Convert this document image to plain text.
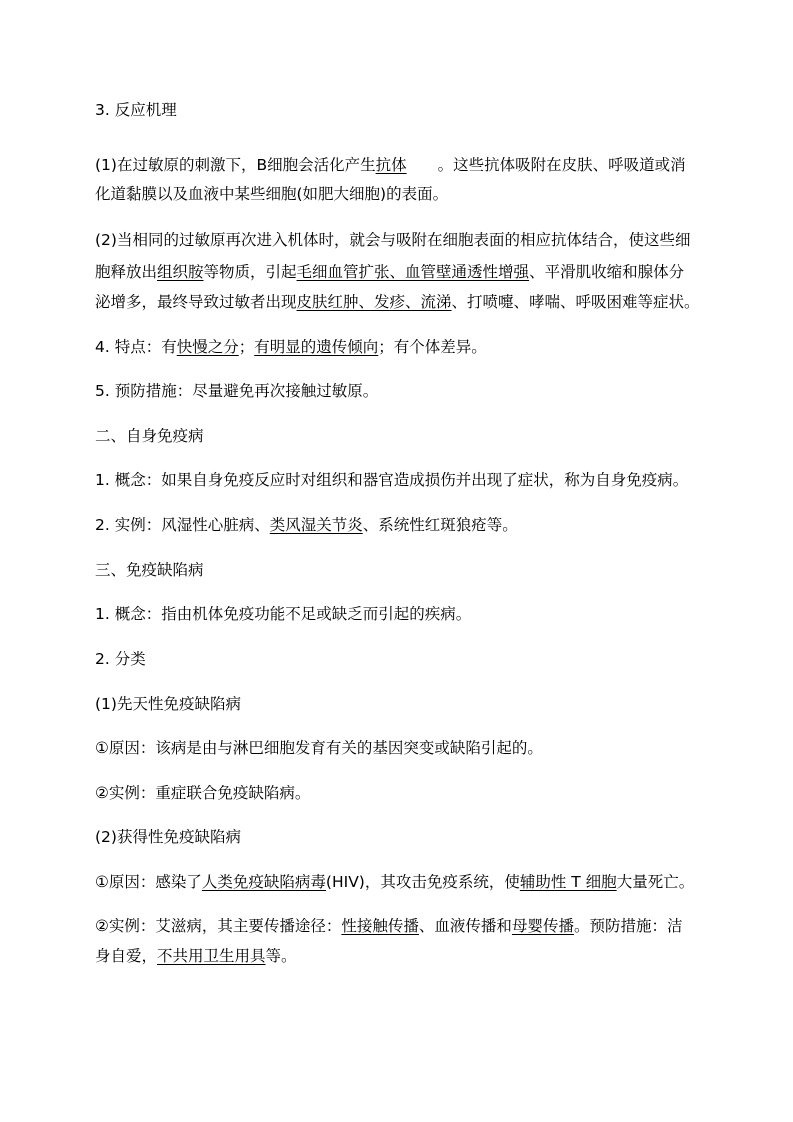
3. 反应机理
(1)在过敏原的刺激下，B细胞会活化产生抗体　　。这些抗体吸附在皮肤、呼吸道或消
化道黏膜以及血液中某些细胞(如肥大细胞)的表面。
(2)当相同的过敏原再次进入机体时，就会与吸附在细胞表面的相应抗体结合，使这些细
胞释放出组织胺等物质，引起毛细血管扩张、血管壁通透性增强、平滑肌收缩和腺体分
泌增多，最终导致过敏者出现皮肤红肿、发疹、流涕、打喷嚏、哮喘、呼吸困难等症状。
4. 特点：有快慢之分；有明显的遗传倾向；有个体差异。
5. 预防措施：尽量避免再次接触过敏原。
二、自身免疫病
1. 概念：如果自身免疫反应时对组织和器官造成损伤并出现了症状，称为自身免疫病。
2. 实例：风湿性心脏病、类风湿关节炎、系统性红斑狼疮等。
三、免疫缺陷病
1. 概念：指由机体免疫功能不足或缺乏而引起的疾病。
2. 分类
(1)先天性免疫缺陷病
①原因：该病是由与淋巴细胞发育有关的基因突变或缺陷引起的。
②实例：重症联合免疫缺陷病。
(2)获得性免疫缺陷病
①原因：感染了人类免疫缺陷病毒(HIV)，其攻击免疫系统，使辅助性 T 细胞大量死亡。
②实例：艾滋病，其主要传播途径：性接触传播、血液传播和母婴传播。预防措施：洁
身自爱，不共用卫生用具等。
